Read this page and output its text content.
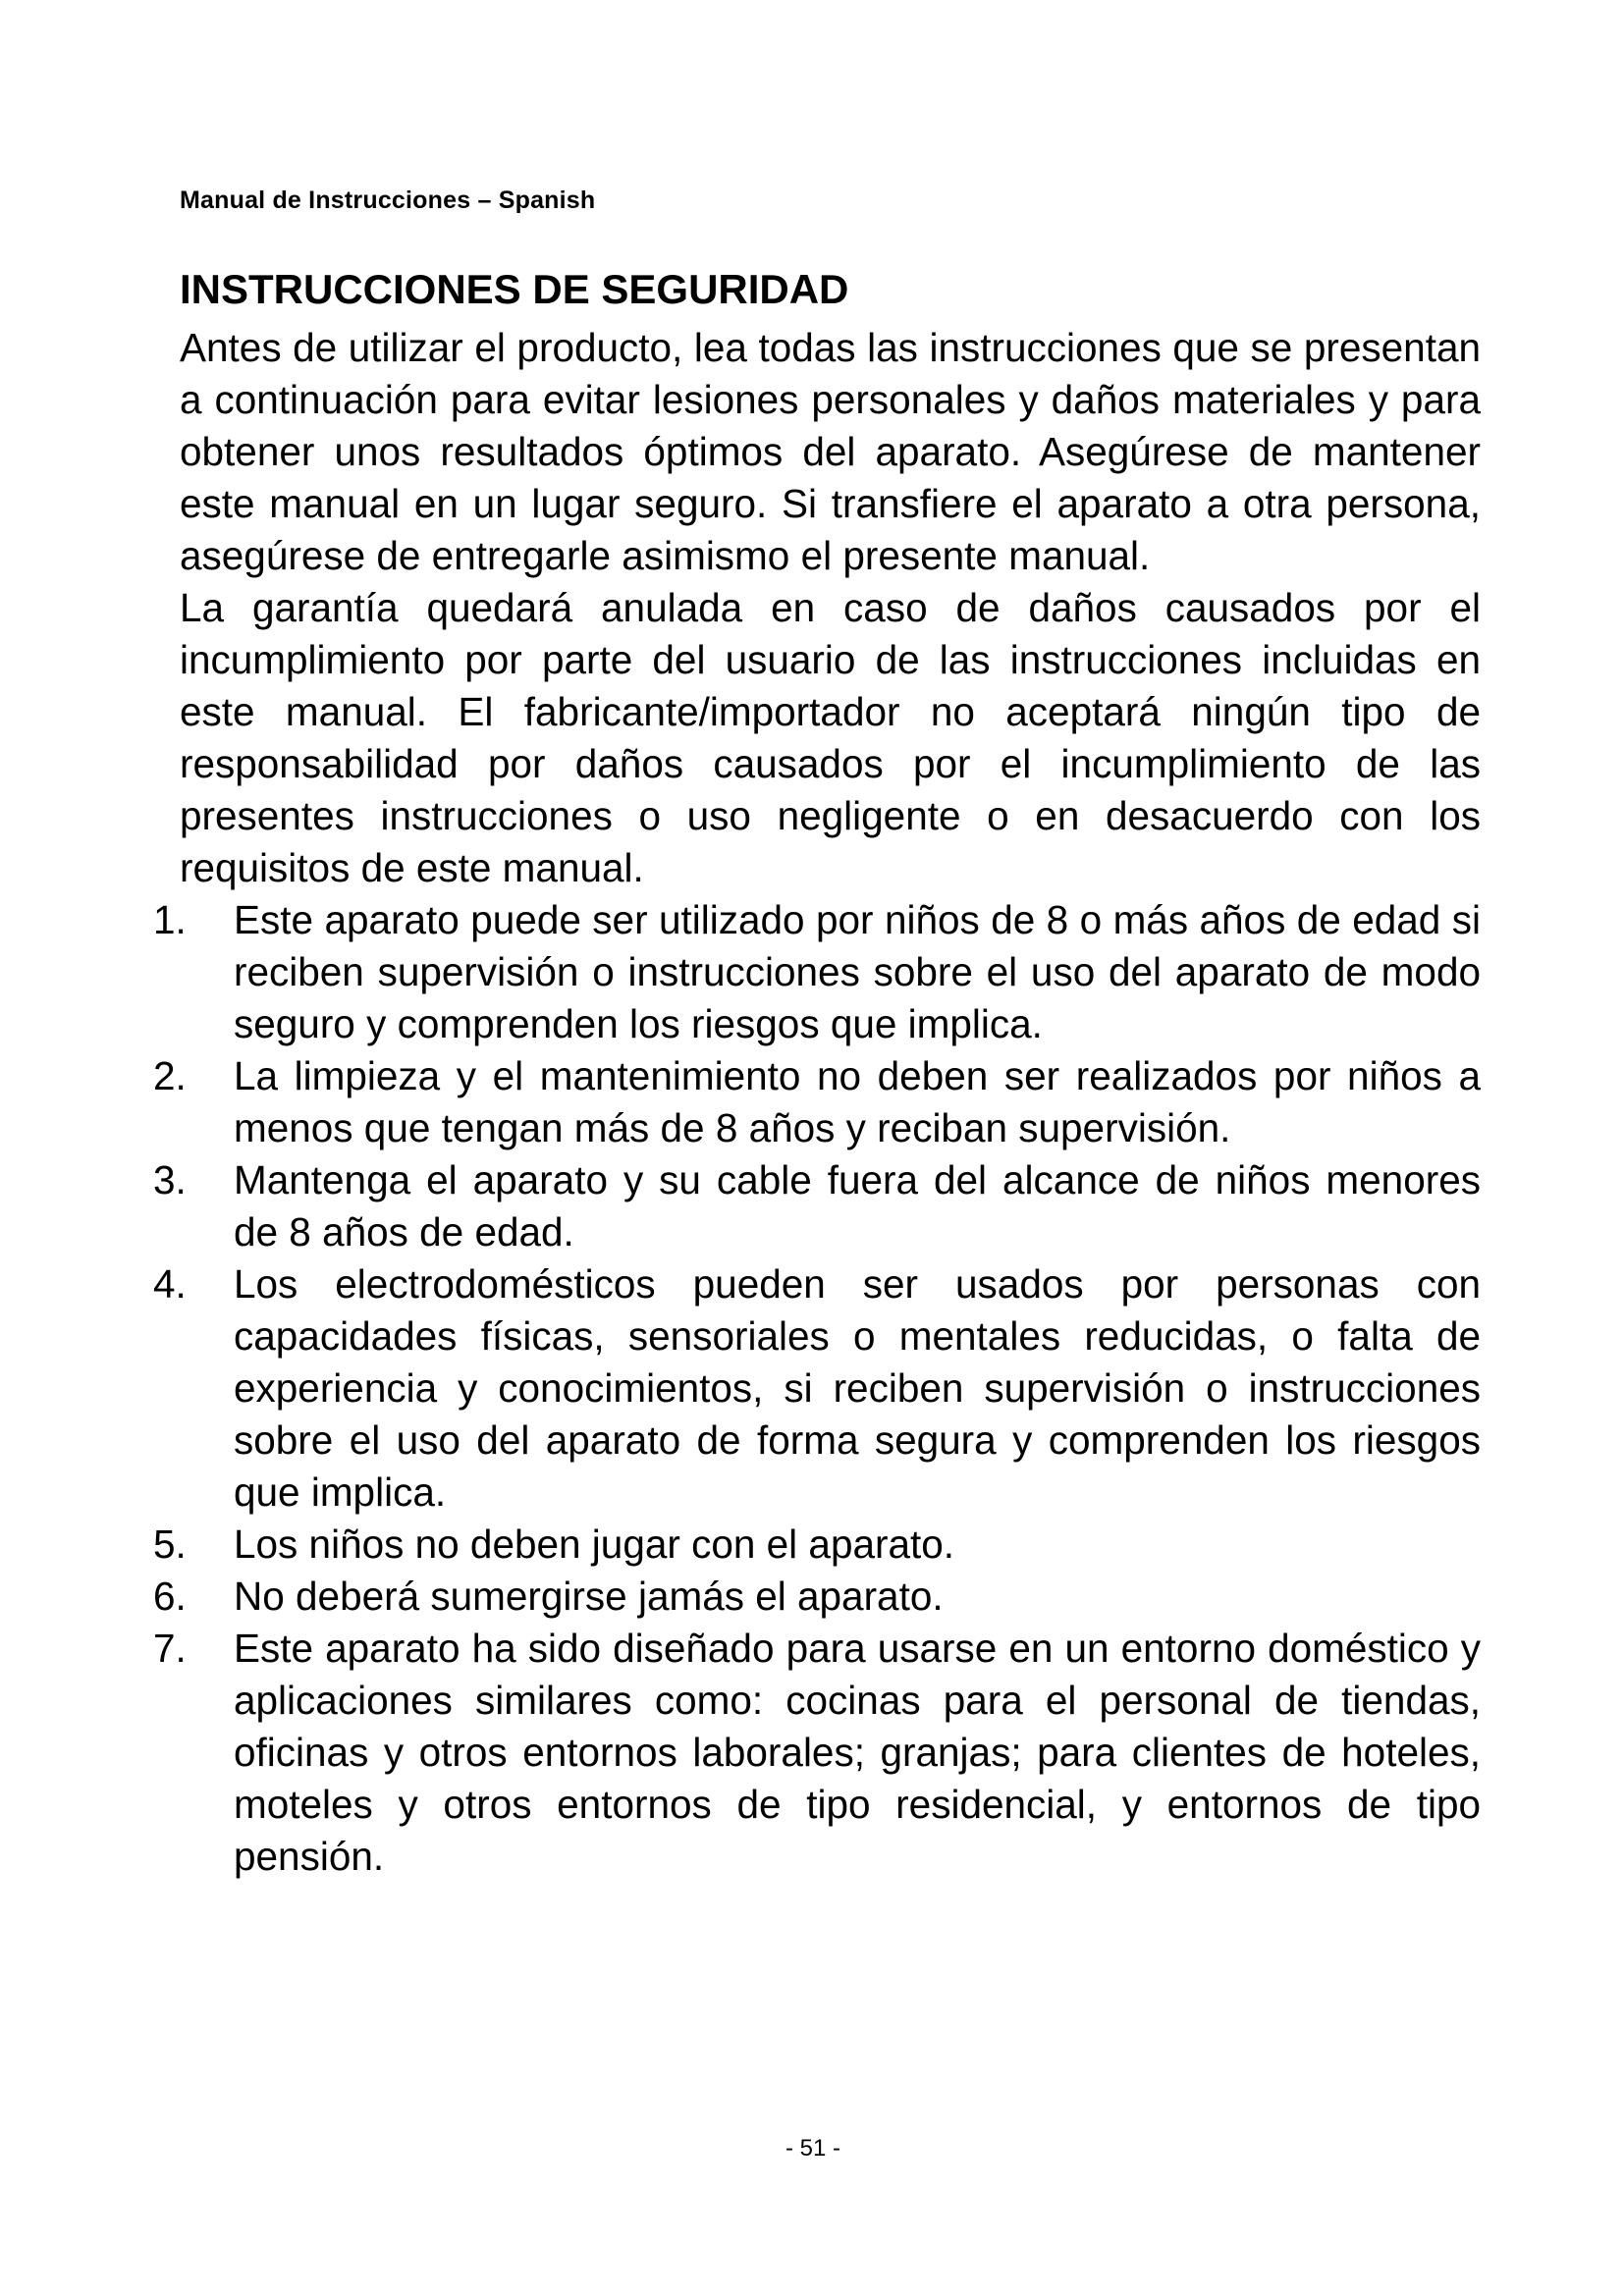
Manual de Instrucciones – Spanish
INSTRUCCIONES DE SEGURIDAD

Antes de utilizar el producto, lea todas las instrucciones que se presentan a continuación para evitar lesiones personales y daños materiales y para obtener unos resultados óptimos del aparato. Asegúrese de mantener este manual en un lugar seguro. Si transfiere el aparato a otra persona, asegúrese de entregarle asimismo el presente manual.

La garantía quedará anulada en caso de daños causados por el incumplimiento por parte del usuario de las instrucciones incluidas en este manual. El fabricante/importador no aceptará ningún tipo de responsabilidad por daños causados por el incumplimiento de las presentes instrucciones o uso negligente o en desacuerdo con los requisitos de este manual.

1. Este aparato puede ser utilizado por niños de 8 o más años de edad si reciben supervisión o instrucciones sobre el uso del aparato de modo seguro y comprenden los riesgos que implica.
2. La limpieza y el mantenimiento no deben ser realizados por niños a menos que tengan más de 8 años y reciban supervisión.
3. Mantenga el aparato y su cable fuera del alcance de niños menores de 8 años de edad.
4. Los electrodomésticos pueden ser usados por personas con capacidades físicas, sensoriales o mentales reducidas, o falta de experiencia y conocimientos, si reciben supervisión o instrucciones sobre el uso del aparato de forma segura y comprenden los riesgos que implica.
5. Los niños no deben jugar con el aparato.
6. No deberá sumergirse jamás el aparato.
7. Este aparato ha sido diseñado para usarse en un entorno doméstico y aplicaciones similares como: cocinas para el personal de tiendas, oficinas y otros entornos laborales; granjas; para clientes de hoteles, moteles y otros entornos de tipo residencial, y entornos de tipo pensión.
- 51 -
